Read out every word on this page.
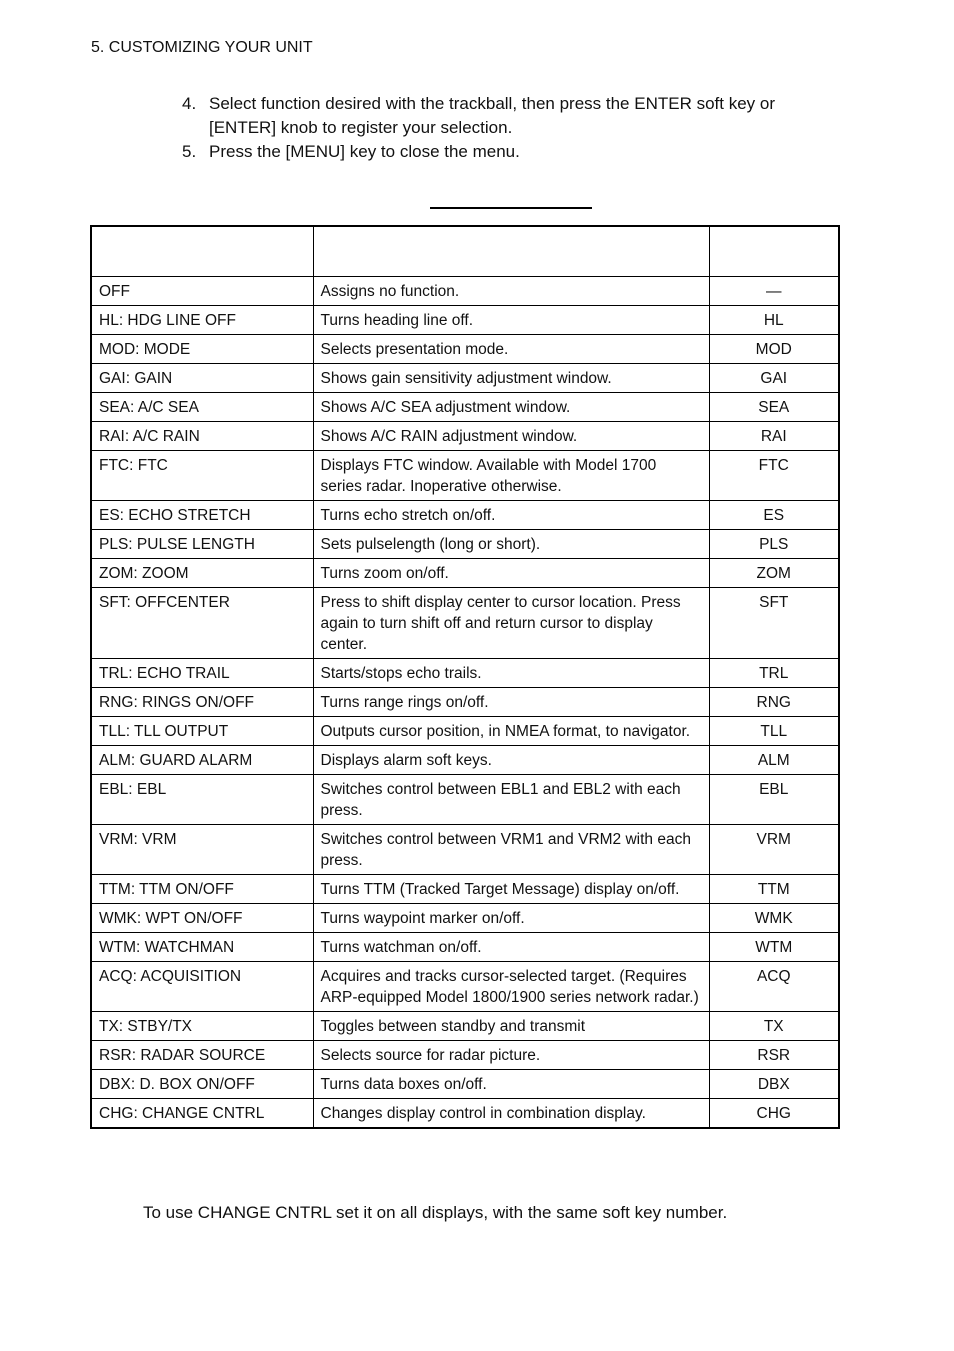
5. CUSTOMIZING YOUR UNIT
4. Select function desired with the trackball, then press the ENTER soft key or [ENTER] knob to register your selection.
5. Press the [MENU] key to close the menu.

OFF	Assigns no function.	—
HL: HDG LINE OFF	Turns heading line off.	HL
MOD: MODE	Selects presentation mode.	MOD
GAI: GAIN	Shows gain sensitivity adjustment window.	GAI
SEA: A/C SEA	Shows A/C SEA adjustment window.	SEA
RAI: A/C RAIN	Shows A/C RAIN adjustment window.	RAI
FTC: FTC	Displays FTC window. Available with Model 1700 series radar. Inoperative otherwise.	FTC
ES: ECHO STRETCH	Turns echo stretch on/off.	ES
PLS: PULSE LENGTH	Sets pulselength (long or short).	PLS
ZOM: ZOOM	Turns zoom on/off.	ZOM
SFT: OFFCENTER	Press to shift display center to cursor location. Press again to turn shift off and return cursor to display center.	SFT
TRL: ECHO TRAIL	Starts/stops echo trails.	TRL
RNG: RINGS ON/OFF	Turns range rings on/off.	RNG
TLL: TLL OUTPUT	Outputs cursor position, in NMEA format, to navigator.	TLL
ALM: GUARD ALARM	Displays alarm soft keys.	ALM
EBL: EBL	Switches control between EBL1 and EBL2 with each press.	EBL
VRM: VRM	Switches control between VRM1 and VRM2 with each press.	VRM
TTM: TTM ON/OFF	Turns TTM (Tracked Target Message) display on/off.	TTM
WMK: WPT ON/OFF	Turns waypoint marker on/off.	WMK
WTM: WATCHMAN	Turns watchman on/off.	WTM
ACQ: ACQUISITION	Acquires and tracks cursor-selected target. (Requires ARP-equipped Model 1800/1900 series network radar.)	ACQ
TX: STBY/TX	Toggles between standby and transmit	TX
RSR: RADAR SOURCE	Selects source for radar picture.	RSR
DBX: D. BOX ON/OFF	Turns data boxes on/off.	DBX
CHG: CHANGE CNTRL	Changes display control in combination display.	CHG
To use CHANGE CNTRL set it on all displays, with the same soft key number.
